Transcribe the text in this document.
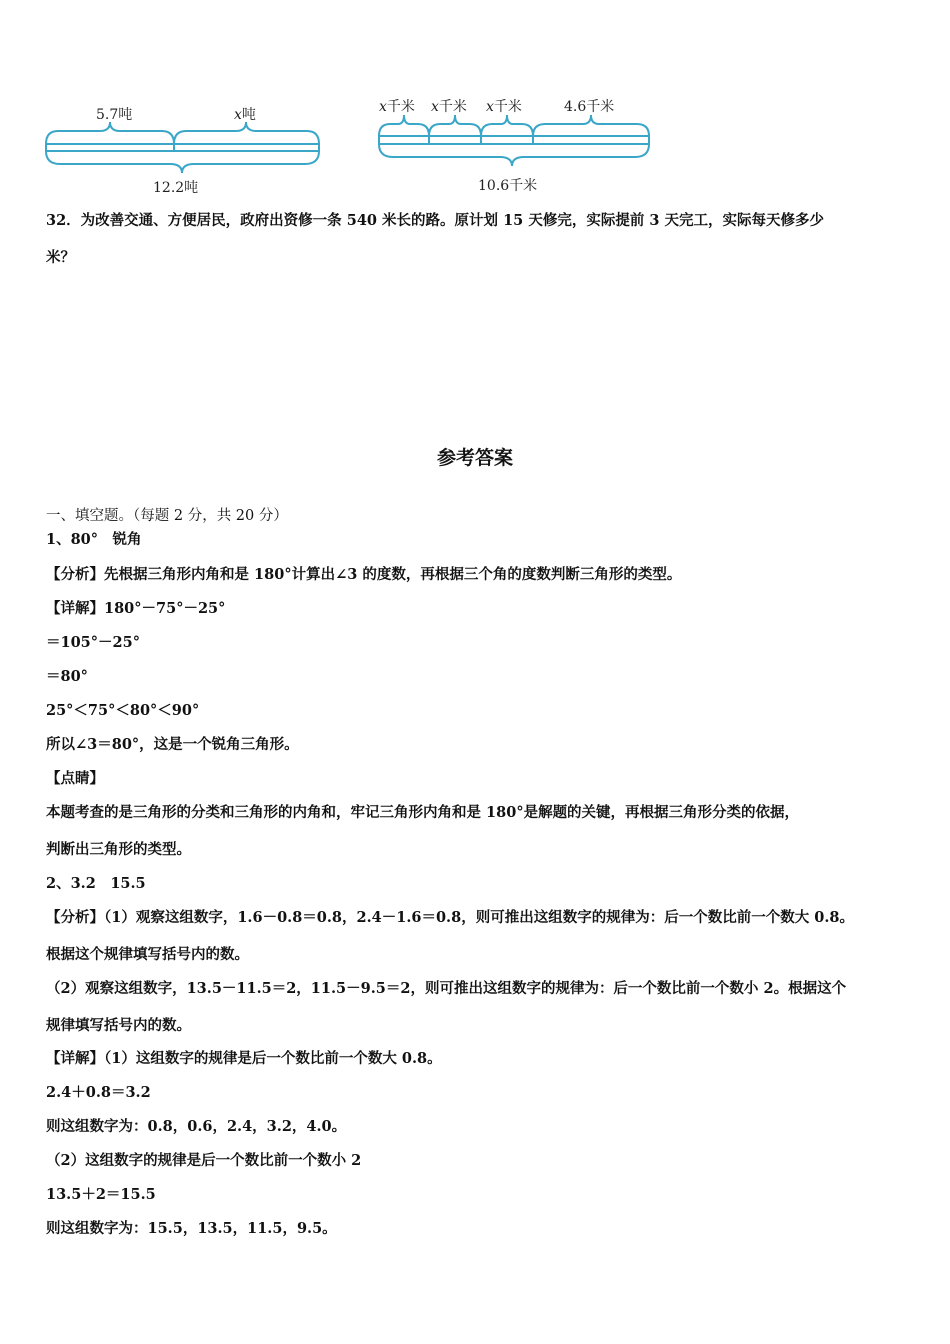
5.7吨	x吨
12.2吨
x千米 x千米 x千米	4.6千米
10.6千米
32．为改善交通、方便居民，政府出资修一条 540 米长的路。原计划 15 天修完，实际提前 3 天完工，实际每天修多少
米？
参考答案
一、填空题。（每题 2 分，共 20 分）
1、80°　锐角
【分析】先根据三角形内角和是 180°计算出∠3 的度数，再根据三个角的度数判断三角形的类型。
【详解】180°－75°－25°
＝105°－25°
＝80°
25°＜75°＜80°＜90°
所以∠3＝80°，这是一个锐角三角形。
【点睛】
本题考查的是三角形的分类和三角形的内角和，牢记三角形内角和是 180°是解题的关键，再根据三角形分类的依据，
判断出三角形的类型。
2、3.2　15.5
【分析】（1）观察这组数字，1.6－0.8＝0.8，2.4－1.6＝0.8，则可推出这组数字的规律为：后一个数比前一个数大 0.8。
根据这个规律填写括号内的数。
（2）观察这组数字，13.5－11.5＝2，11.5－9.5＝2，则可推出这组数字的规律为：后一个数比前一个数小 2。根据这个
规律填写括号内的数。
【详解】（1）这组数字的规律是后一个数比前一个数大 0.8。
2.4＋0.8＝3.2
则这组数字为：0.8，0.6，2.4，3.2，4.0。
（2）这组数字的规律是后一个数比前一个数小 2
13.5＋2＝15.5
则这组数字为：15.5，13.5，11.5，9.5。
